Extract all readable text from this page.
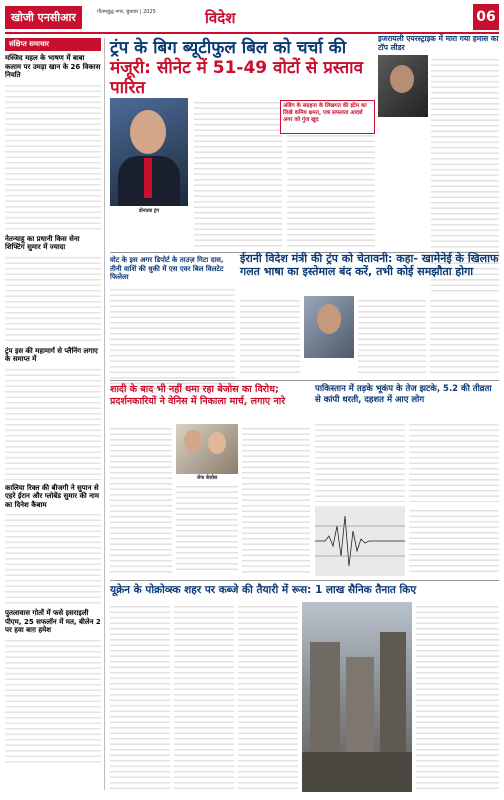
खोजी एनसीआर	गौतमबुद्ध नगर, बुधवार | 2025	विदेश	06
संक्षिप्त समाचार
मस्जिद महल के भाषण में बाबा कलाम पर उमड़ा खान के 26 विकास नियति

नेतन्याहू का प्रधानी किस सेना शिफ्टिंग सुमार में ज्यादा

ट्रंप इस की महामार्ग से प्लैनिंग लगाए के समाप्त में

कालिया रिक्त की बीजगी ने सुपान से एहरे ईरान और ग्लोबेंड सुमार की नाम का दिनेश कैबाम

पुतलावास गोतों में फसे इसराइली पीएम, 25 सफलॉन में मत, बीलेन 2 पर हवा बाग़ हमेश

ट्रंप के बिग ब्यूटीफुल बिल को चर्चा की
मंजूरी: सीनेट में 51-49 वोटों से प्रस्ताव पारित
इजरायली एयरस्ट्राइक में मारा गया हमास का टॉप लीडर
डोनाल्ड ट्रंप
अंडिंग के संग्रहना के लिखगत की इंटेम का लिखे कमिय क्षमत, एक सफलता आदर्श अगर को गुंज खुद
वोट के इस अगर डिपोर्ट के ताउज़ गिटा दास, तीनी वाशिं की धुकी में एस एवर बिल विलटेट फिलेला
ईरानी विदेश मंत्री की ट्रंप को चेतावनी: कहा- खामेनेई के खिलाफ गलत भाषा का इस्तेमाल बंद करें, तभी कोई समझौता होगा
शादी के बाद भी नहीं थमा रहा बेजोस का विरोध; प्रदर्शनकारियों ने वेनिस में निकाला मार्च, लगाए नारे
जेफ बेजोस
पाकिस्तान में तड़के भूकंप के तेज झटके, 5.2 की तीव्रता से कांपी धरती, दहशत में आए लोग
यूक्रेन के पोक्रोव्स्क शहर पर कब्जे की तैयारी में रूस: 1 लाख सैनिक तैनात किए
